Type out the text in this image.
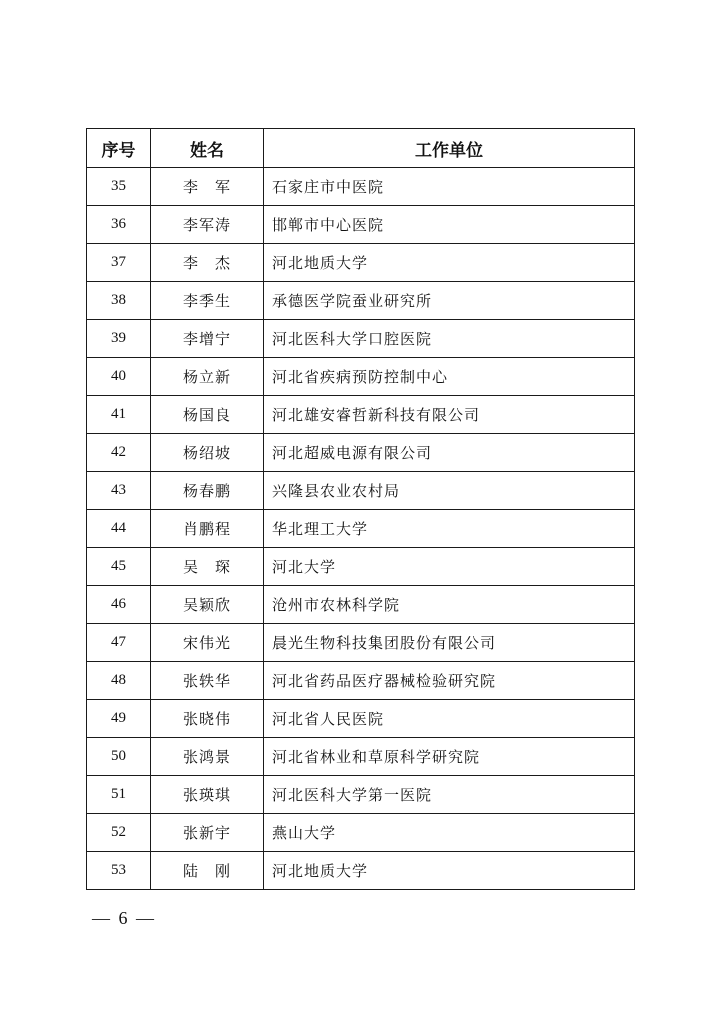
序号	姓名	工作单位
35	李　军	石家庄市中医院
36	李军涛	邯郸市中心医院
37	李　杰	河北地质大学
38	李季生	承德医学院蚕业研究所
39	李增宁	河北医科大学口腔医院
40	杨立新	河北省疾病预防控制中心
41	杨国良	河北雄安睿哲新科技有限公司
42	杨绍坡	河北超威电源有限公司
43	杨春鹏	兴隆县农业农村局
44	肖鹏程	华北理工大学
45	吴　琛	河北大学
46	吴颖欣	沧州市农林科学院
47	宋伟光	晨光生物科技集团股份有限公司
48	张轶华	河北省药品医疗器械检验研究院
49	张晓伟	河北省人民医院
50	张鸿景	河北省林业和草原科学研究院
51	张瑛琪	河北医科大学第一医院
52	张新宇	燕山大学
53	陆　刚	河北地质大学
— 6 —
